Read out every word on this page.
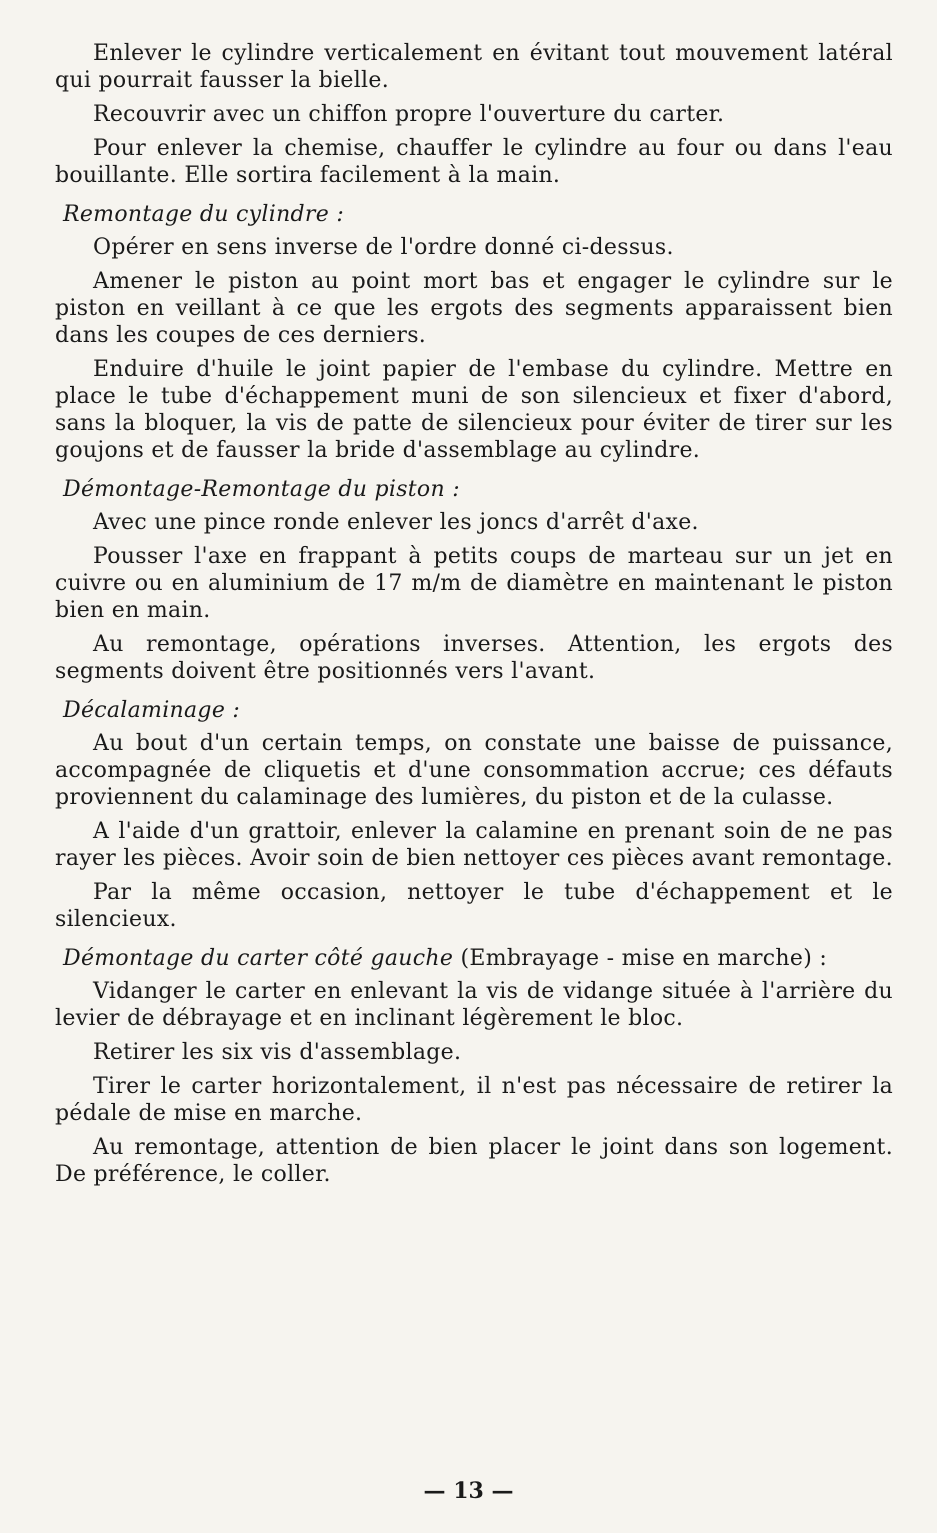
Enlever le cylindre verticalement en évitant tout mouvement latéral qui pourrait fausser la bielle.

Recouvrir avec un chiffon propre l'ouverture du carter.

Pour enlever la chemise, chauffer le cylindre au four ou dans l'eau bouillante. Elle sortira facilement à la main.

Remontage du cylindre :

Opérer en sens inverse de l'ordre donné ci-dessus.

Amener le piston au point mort bas et engager le cylindre sur le piston en veillant à ce que les ergots des segments apparaissent bien dans les coupes de ces derniers.

Enduire d'huile le joint papier de l'embase du cylindre. Mettre en place le tube d'échappement muni de son silencieux et fixer d'abord, sans la bloquer, la vis de patte de silencieux pour éviter de tirer sur les goujons et de fausser la bride d'assemblage au cylindre.

Démontage-Remontage du piston :

Avec une pince ronde enlever les joncs d'arrêt d'axe.

Pousser l'axe en frappant à petits coups de marteau sur un jet en cuivre ou en aluminium de 17 m/m de diamètre en maintenant le piston bien en main.

Au remontage, opérations inverses. Attention, les ergots des segments doivent être positionnés vers l'avant.

Décalaminage :

Au bout d'un certain temps, on constate une baisse de puissance, accompagnée de cliquetis et d'une consommation accrue; ces défauts proviennent du calaminage des lumières, du piston et de la culasse.

A l'aide d'un grattoir, enlever la calamine en prenant soin de ne pas rayer les pièces. Avoir soin de bien nettoyer ces pièces avant remontage.

Par la même occasion, nettoyer le tube d'échappement et le silencieux.

Démontage du carter côté gauche (Embrayage - mise en marche) :

Vidanger le carter en enlevant la vis de vidange située à l'arrière du levier de débrayage et en inclinant légèrement le bloc.

Retirer les six vis d'assemblage.

Tirer le carter horizontalement, il n'est pas nécessaire de retirer la pédale de mise en marche.

Au remontage, attention de bien placer le joint dans son logement. De préférence, le coller.

— 13 —
